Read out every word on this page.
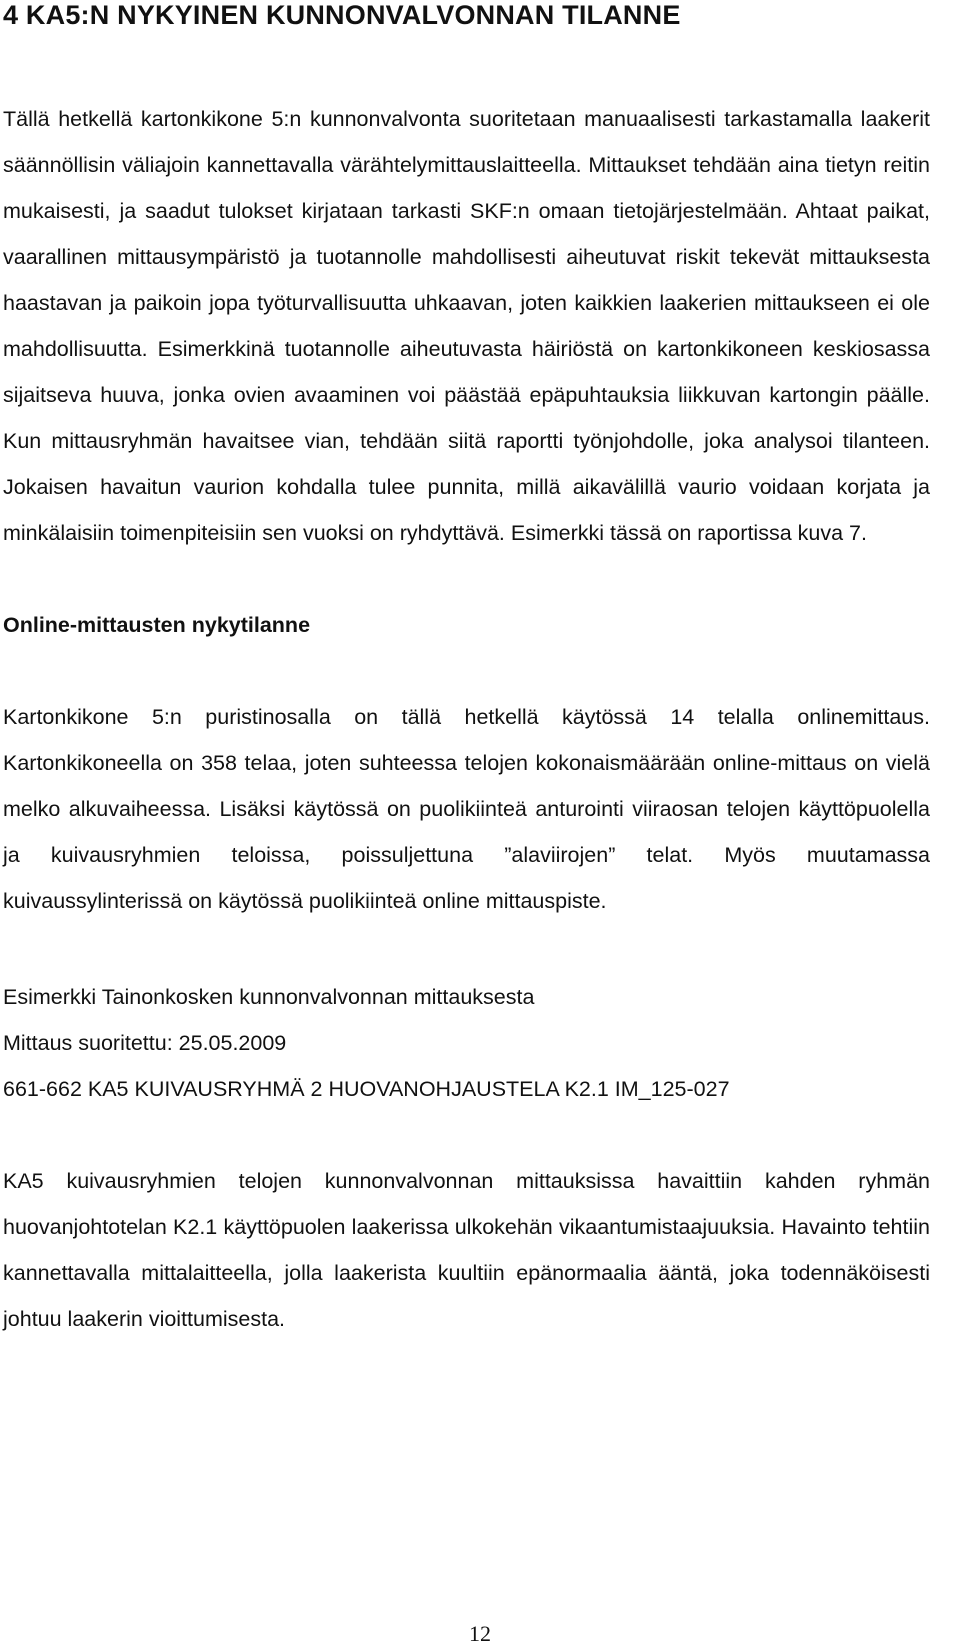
4 KA5:N NYKYINEN KUNNONVALVONNAN TILANNE

Tällä hetkellä kartonkikone 5:n kunnonvalvonta suoritetaan manuaalisesti tarkastamalla laakerit säännöllisin väliajoin kannettavalla värähtelymittauslaitteella. Mittaukset tehdään aina tietyn reitin mukaisesti, ja saadut tulokset kirjataan tarkasti SKF:n omaan tietojärjestelmään. Ahtaat paikat, vaarallinen mittausympäristö ja tuotannolle mahdollisesti aiheutuvat riskit tekevät mittauksesta haastavan ja paikoin jopa työturvallisuutta uhkaavan, joten kaikkien laakerien mittaukseen ei ole mahdollisuutta. Esimerkkinä tuotannolle aiheutuvasta häiriöstä on kartonkikoneen keskiosassa sijaitseva huuva, jonka ovien avaaminen voi päästää epäpuhtauksia liikkuvan kartongin päälle. Kun mittausryhmän havaitsee vian, tehdään siitä raportti työnjohdolle, joka analysoi tilanteen. Jokaisen havaitun vaurion kohdalla tulee punnita, millä aikavälillä vaurio voidaan korjata ja minkälaisiin toimenpiteisiin sen vuoksi on ryhdyttävä. Esimerkki tässä on raportissa kuva 7.

Online-mittausten nykytilanne

Kartonkikone 5:n puristinosalla on tällä hetkellä käytössä 14 telalla onlinemittaus. Kartonkikoneella on 358 telaa, joten suhteessa telojen kokonaismäärään online-mittaus on vielä melko alkuvaiheessa. Lisäksi käytössä on puolikiinteä anturointi viiraosan telojen käyttöpuolella ja kuivausryhmien teloissa, poissuljettuna ”alaviirojen” telat. Myös muutamassa kuivaussylinterissä on käytössä puolikiinteä online mittauspiste.

Esimerkki Tainonkosken kunnonvalvonnan mittauksesta
Mittaus suoritettu: 25.05.2009
661-662 KA5 KUIVAUSRYHMÄ 2 HUOVANOHJAUSTELA K2.1 IM_125-027

KA5 kuivausryhmien telojen kunnonvalvonnan mittauksissa havaittiin kahden ryhmän huovanjohtotelan K2.1 käyttöpuolen laakerissa ulkokehän vikaantumistaajuuksia. Havainto tehtiin kannettavalla mittalaitteella, jolla laakerista kuultiin epänormaalia ääntä, joka todennäköisesti johtuu laakerin vioittumisesta.

12
